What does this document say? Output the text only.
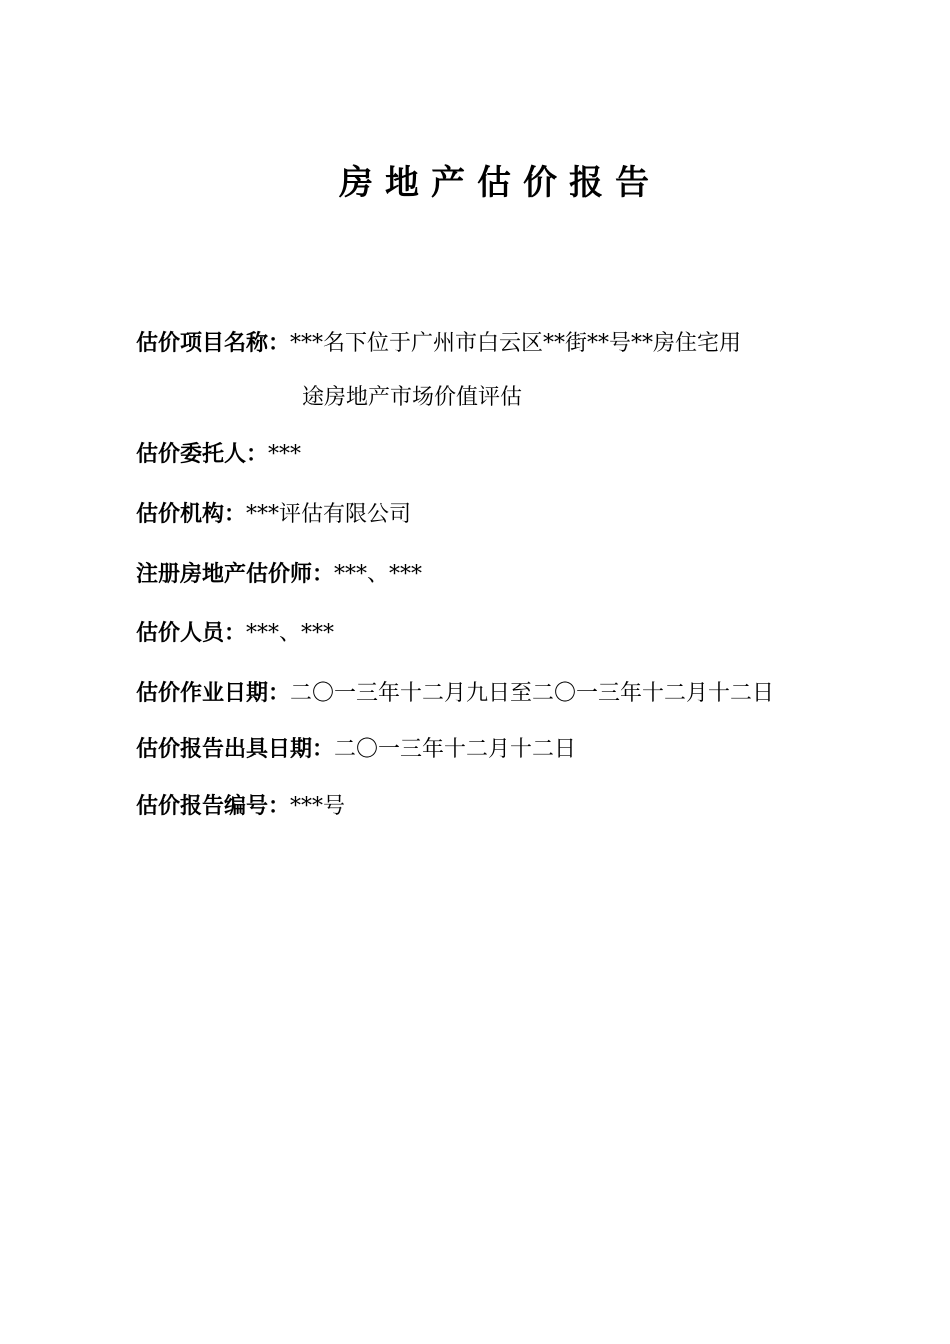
房地产估价报告
估价项目名称：***名下位于广州市白云区**街**号**房住宅用
途房地产市场价值评估
估价委托人：***
估价机构：***评估有限公司
注册房地产估价师：***、***
估价人员：***、***
估价作业日期：二〇一三年十二月九日至二〇一三年十二月十二日
估价报告出具日期：二〇一三年十二月十二日
估价报告编号：***号
